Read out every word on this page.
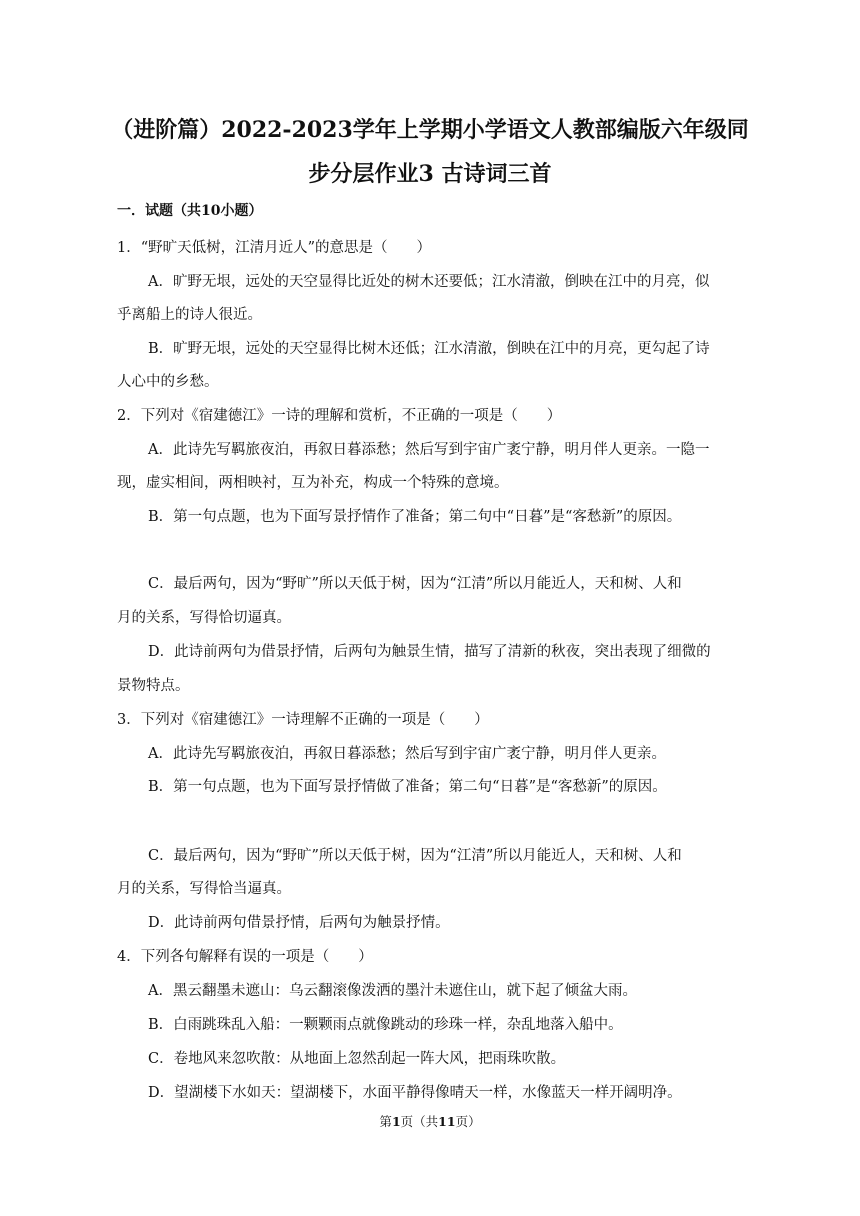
（进阶篇）2022-2023学年上学期小学语文人教部编版六年级同
步分层作业3 古诗词三首
一．试题（共10小题）
1．“野旷天低树，江清月近人”的意思是（　　）
A．旷野无垠，远处的天空显得比近处的树木还要低；江水清澈，倒映在江中的月亮，似
乎离船上的诗人很近。
B．旷野无垠，远处的天空显得比树木还低；江水清澈，倒映在江中的月亮，更勾起了诗
人心中的乡愁。
2．下列对《宿建德江》一诗的理解和赏析，不正确的一项是（　　）
A．此诗先写羁旅夜泊，再叙日暮添愁；然后写到宇宙广袤宁静，明月伴人更亲。一隐一
现，虚实相间，两相映衬，互为补充，构成一个特殊的意境。
B．第一句点题，也为下面写景抒情作了准备；第二句中“日暮”是“客愁新”的原因。
C．最后两句，因为“野旷”所以天低于树，因为“江清”所以月能近人，天和树、人和
月的关系，写得恰切逼真。
D．此诗前两句为借景抒情，后两句为触景生情，描写了清新的秋夜，突出表现了细微的
景物特点。
3．下列对《宿建德江》一诗理解不正确的一项是（　　）
A．此诗先写羁旅夜泊，再叙日暮添愁；然后写到宇宙广袤宁静，明月伴人更亲。
B．第一句点题，也为下面写景抒情做了准备；第二句“日暮”是“客愁新”的原因。
C．最后两句，因为“野旷”所以天低于树，因为“江清”所以月能近人，天和树、人和
月的关系，写得恰当逼真。
D．此诗前两句借景抒情，后两句为触景抒情。
4．下列各句解释有误的一项是（　　）
A．黑云翻墨未遮山：乌云翻滚像泼洒的墨汁未遮住山，就下起了倾盆大雨。
B．白雨跳珠乱入船：一颗颗雨点就像跳动的珍珠一样，杂乱地落入船中。
C．卷地风来忽吹散：从地面上忽然刮起一阵大风，把雨珠吹散。
D．望湖楼下水如天：望湖楼下，水面平静得像晴天一样，水像蓝天一样开阔明净。
第1页（共11页）
